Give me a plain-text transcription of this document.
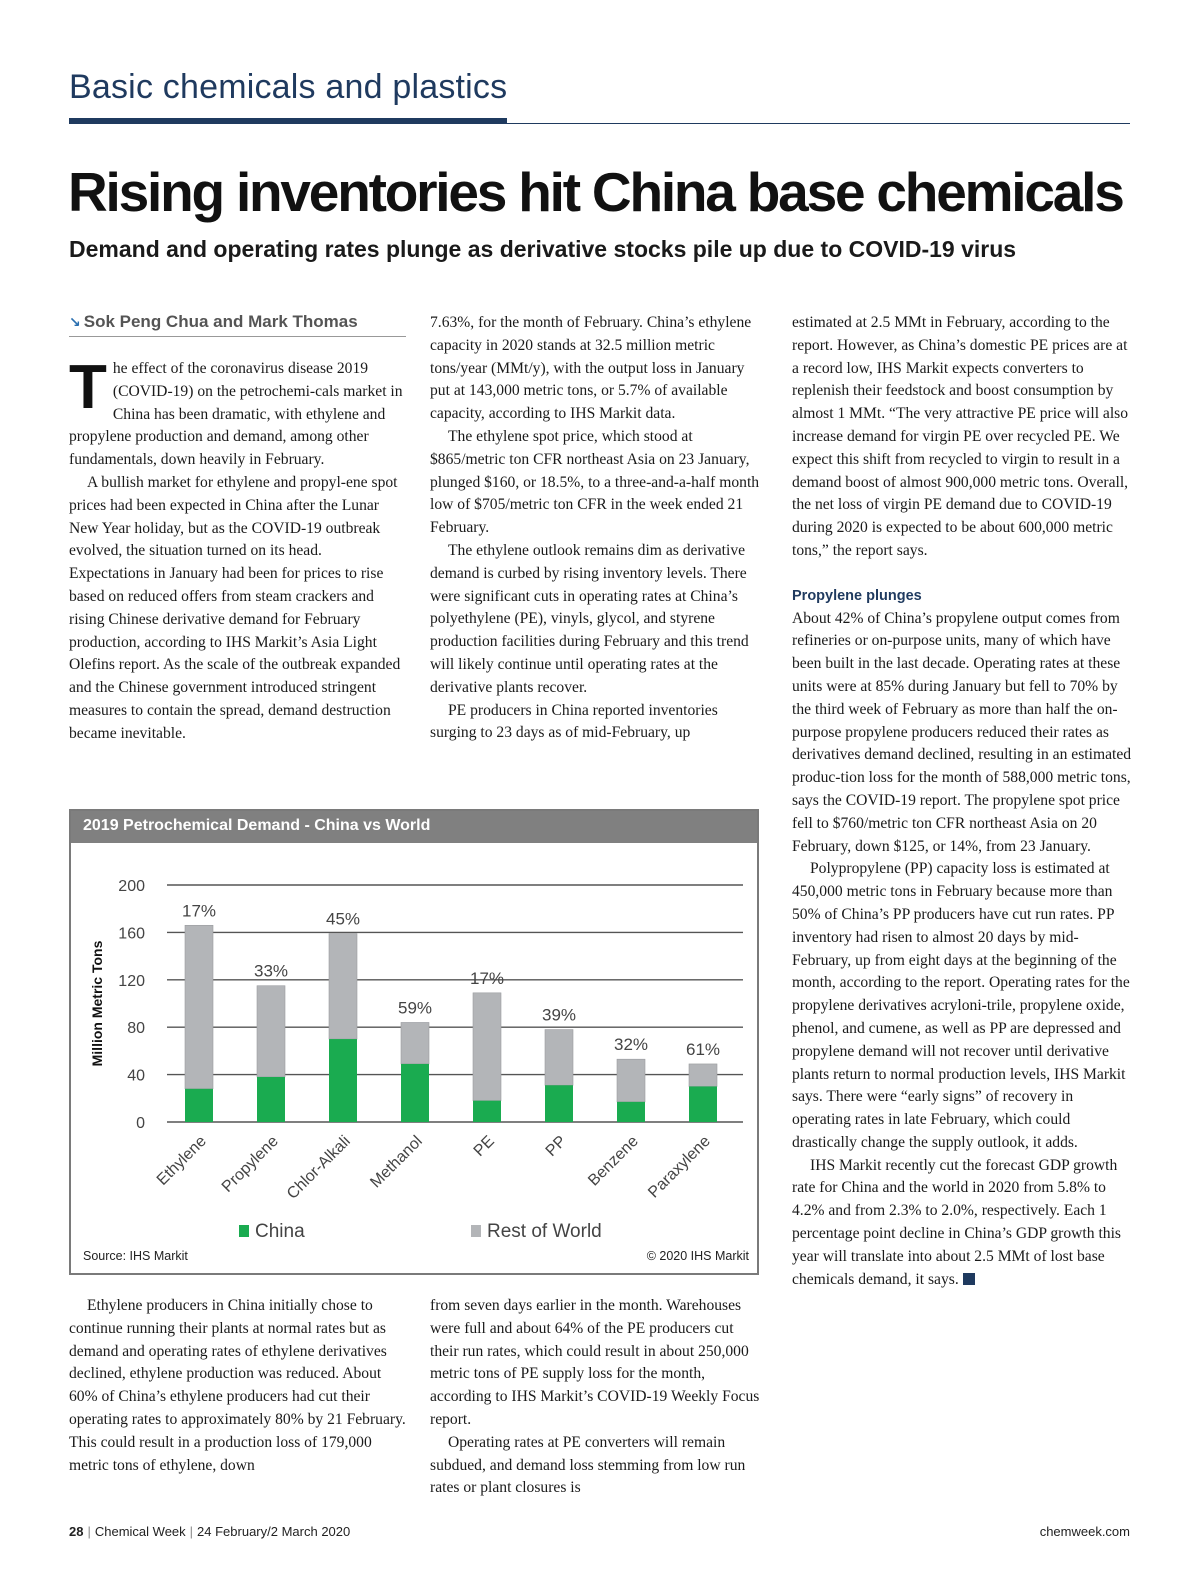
Basic chemicals and plastics
Rising inventories hit China base chemicals
Demand and operating rates plunge as derivative stocks pile up due to COVID-19 virus
↘ Sok Peng Chua and Mark Thomas

The effect of the coronavirus disease 2019 (COVID-19) on the petrochemi-cals market in China has been dramatic, with ethylene and propylene production and demand, among other fundamentals, down heavily in February.

A bullish market for ethylene and propyl-ene spot prices had been expected in China after the Lunar New Year holiday, but as the COVID-19 outbreak evolved, the situation turned on its head. Expectations in January had been for prices to rise based on reduced offers from steam crackers and rising Chinese derivative demand for February production, according to IHS Markit’s Asia Light Olefins report. As the scale of the outbreak expanded and the Chinese government introduced stringent measures to contain the spread, demand destruction became inevitable.

7.63%, for the month of February. China’s ethylene capacity in 2020 stands at 32.5 million metric tons/year (MMt/y), with the output loss in January put at 143,000 metric tons, or 5.7% of available capacity, according to IHS Markit data.

The ethylene spot price, which stood at $865/metric ton CFR northeast Asia on 23 January, plunged $160, or 18.5%, to a three-and-a-half month low of $705/metric ton CFR in the week ended 21 February.

The ethylene outlook remains dim as derivative demand is curbed by rising inventory levels. There were significant cuts in operating rates at China’s polyethylene (PE), vinyls, glycol, and styrene production facilities during February and this trend will likely continue until operating rates at the derivative plants recover.

PE producers in China reported inventories surging to 23 days as of mid-February, up

estimated at 2.5 MMt in February, according to the report. However, as China’s domestic PE prices are at a record low, IHS Markit expects converters to replenish their feedstock and boost consumption by almost 1 MMt. “The very attractive PE price will also increase demand for virgin PE over recycled PE. We expect this shift from recycled to virgin to result in a demand boost of almost 900,000 metric tons. Overall, the net loss of virgin PE demand due to COVID-19 during 2020 is expected to be about 600,000 metric tons,” the report says.

Propylene plunges

About 42% of China’s propylene output comes from refineries or on-purpose units, many of which have been built in the last decade. Operating rates at these units were at 85% during January but fell to 70% by the third week of February as more than half the on-purpose propylene producers reduced their rates as derivatives demand declined, resulting in an estimated produc-tion loss for the month of 588,000 metric tons, says the COVID-19 report. The propylene spot price fell to $760/metric ton CFR northeast Asia on 20 February, down $125, or 14%, from 23 January.

Polypropylene (PP) capacity loss is estimated at 450,000 metric tons in February because more than 50% of China’s PP producers have cut run rates. PP inventory had risen to almost 20 days by mid-February, up from eight days at the beginning of the month, according to the report. Operating rates for the propylene derivatives acryloni-trile, propylene oxide, phenol, and cumene, as well as PP are depressed and propylene demand will not recover until derivative plants return to normal production levels, IHS Markit says. There were “early signs” of recovery in operating rates in late February, which could drastically change the supply outlook, it adds.

IHS Markit recently cut the forecast GDP growth rate for China and the world in 2020 from 5.8% to 4.2% and from 2.3% to 2.0%, respectively. Each 1 percentage point decline in China’s GDP growth this year will translate into about 2.5 MMt of lost base chemicals demand, it says.

2019 Petrochemical Demand - China vs World
0
40
80
120
160
200
Million Metric Tons
17%
Ethylene
33%
Propylene
45%
Chlor-Alkali
59%
Methanol
17%
PE
39%
PP
32%
Benzene
61%
Paraxylene
China	Rest of World
Source: IHS Markit	© 2020 IHS Markit

Ethylene producers in China initially chose to continue running their plants at normal rates but as demand and operating rates of ethylene derivatives declined, ethylene production was reduced. About 60% of China’s ethylene producers had cut their operating rates to approximately 80% by 21 February. This could result in a production loss of 179,000 metric tons of ethylene, down

from seven days earlier in the month. Warehouses were full and about 64% of the PE producers cut their run rates, which could result in about 250,000 metric tons of PE supply loss for the month, according to IHS Markit’s COVID-19 Weekly Focus report.

Operating rates at PE converters will remain subdued, and demand loss stemming from low run rates or plant closures is

28 | Chemical Week | 24 February/2 March 2020	chemweek.com
